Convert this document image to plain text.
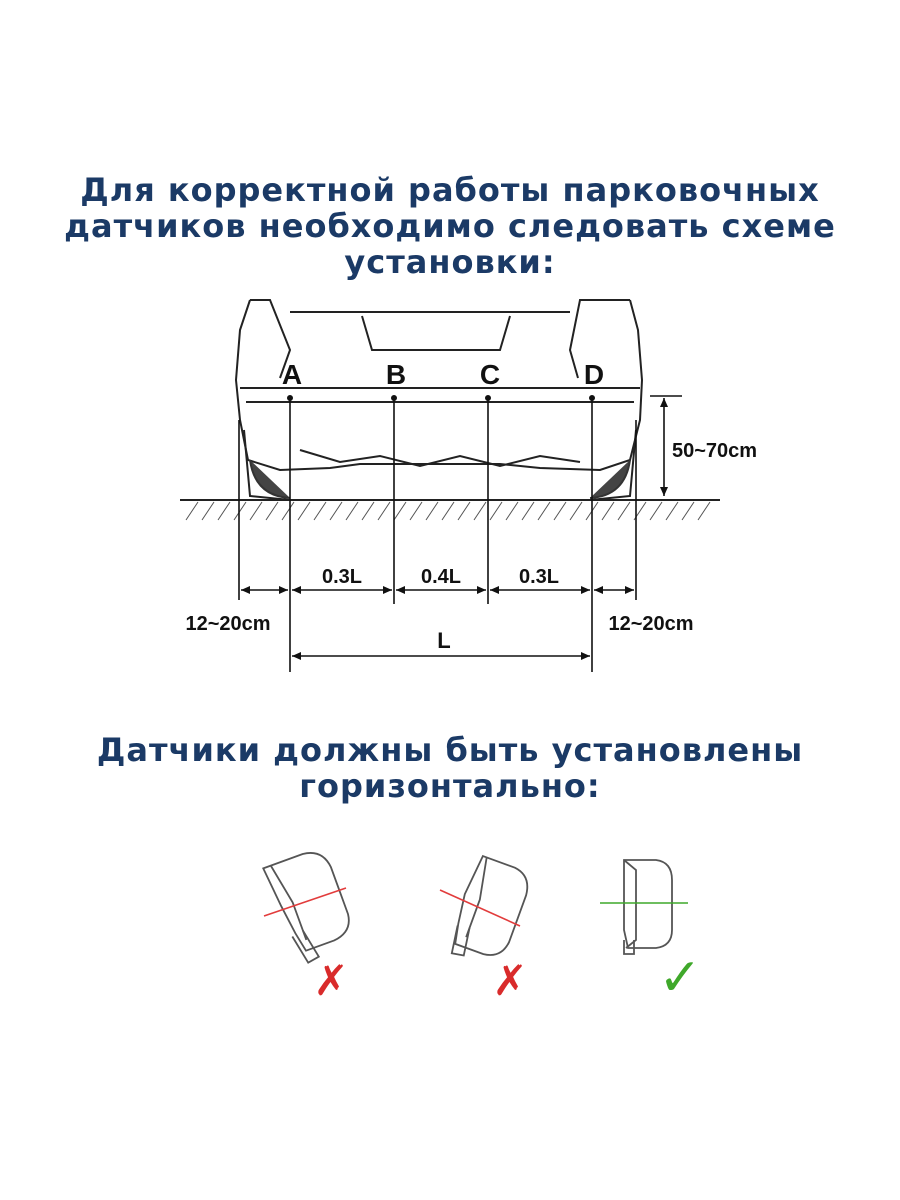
Для корректной работы парковочных
датчиков необходимо следовать схеме
установки:
A	B	C	D
50~70cm
0.3L	0.4L	0.3L
12~20cm	12~20cm
L
✗	✗	✓
Датчики должны быть установлены
горизонтально:
